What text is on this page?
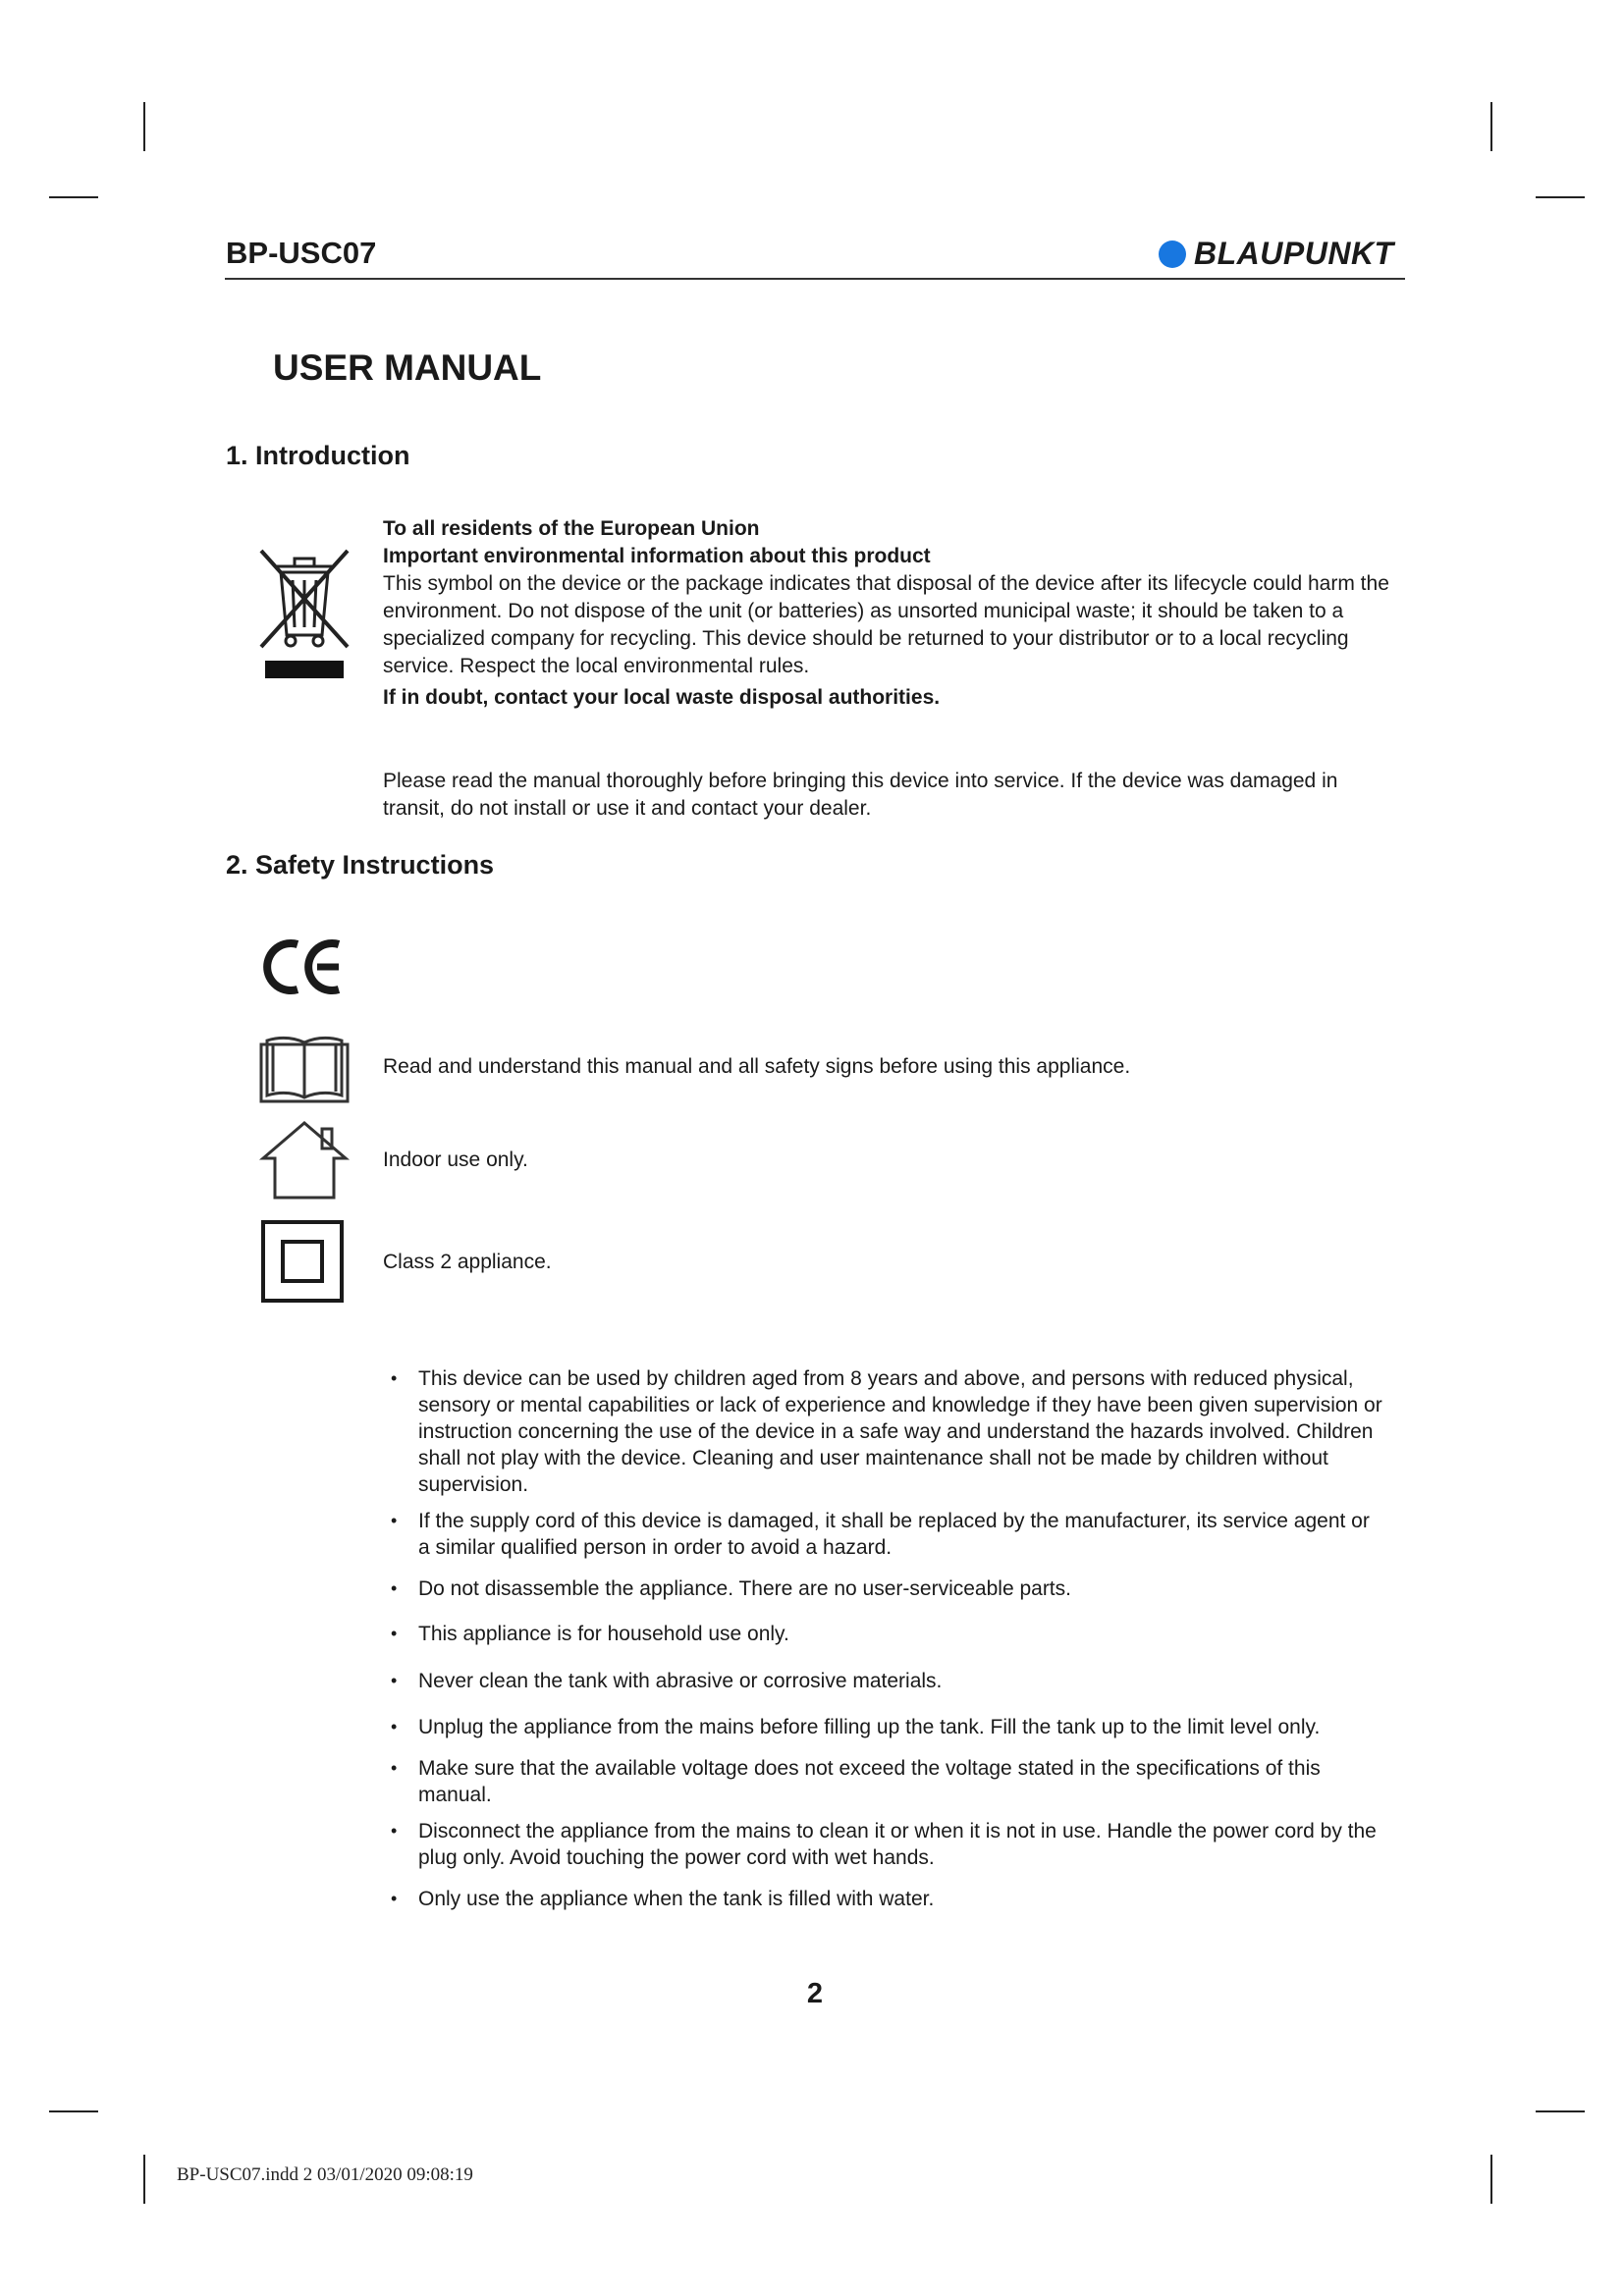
BP-USC07	BLAUPUNKT
USER MANUAL
1. Introduction
To all residents of the European Union
Important environmental information about this product
This symbol on the device or the package indicates that disposal of the device after its lifecycle could harm the environment. Do not dispose of the unit (or batteries) as unsorted municipal waste; it should be taken to a specialized company for recycling. This device should be returned to your distributor or to a local recycling service. Respect the local environmental rules.
If in doubt, contact your local waste disposal authorities.
Please read the manual thoroughly before bringing this device into service. If the device was damaged in transit, do not install or use it and contact your dealer.
2. Safety Instructions
Read and understand this manual and all safety signs before using this appliance.
Indoor use only.
Class 2 appliance.
• This device can be used by children aged from 8 years and above, and persons with reduced physical, sensory or mental capabilities or lack of experience and knowledge if they have been given supervision or instruction concerning the use of the device in a safe way and understand the hazards involved. Children shall not play with the device. Cleaning and user maintenance shall not be made by children without supervision.
• If the supply cord of this device is damaged, it shall be replaced by the manufacturer, its service agent or a similar qualified person in order to avoid a hazard.
• Do not disassemble the appliance. There are no user-serviceable parts.
• This appliance is for household use only.
• Never clean the tank with abrasive or corrosive materials.
• Unplug the appliance from the mains before filling up the tank. Fill the tank up to the limit level only.
• Make sure that the available voltage does not exceed the voltage stated in the specifications of this manual.
• Disconnect the appliance from the mains to clean it or when it is not in use. Handle the power cord by the plug only. Avoid touching the power cord with wet hands.
• Only use the appliance when the tank is filled with water.
2
BP-USC07.indd 2 03/01/2020 09:08:19
